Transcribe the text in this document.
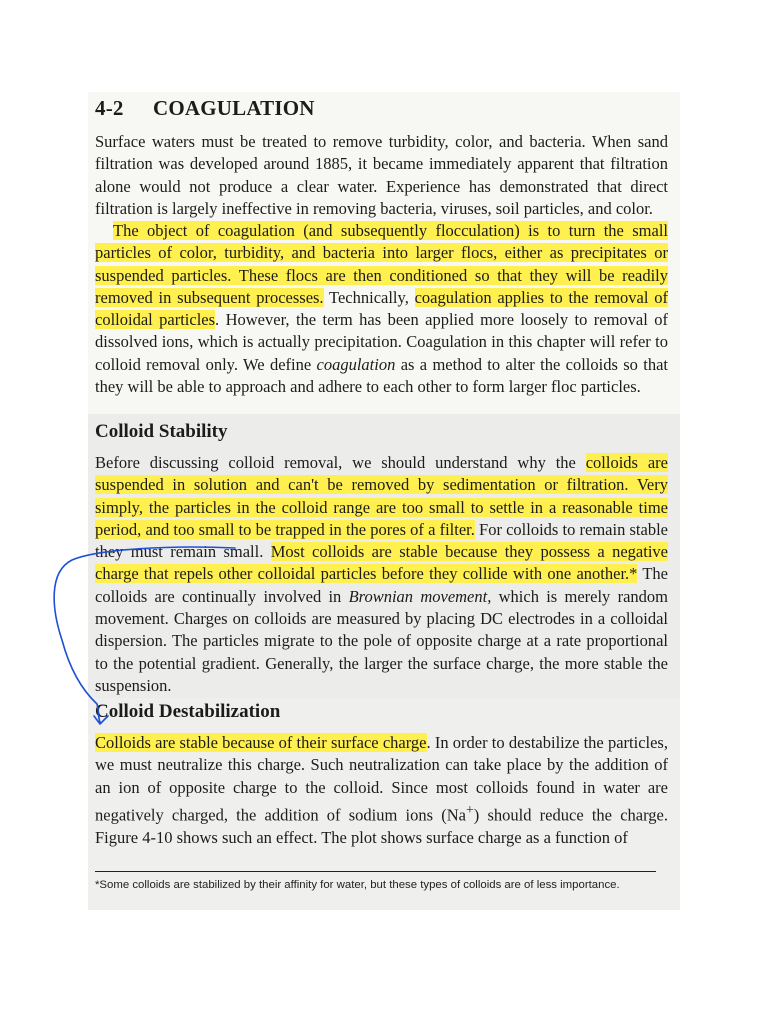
4-2 COAGULATION
Surface waters must be treated to remove turbidity, color, and bacteria. When sand filtration was developed around 1885, it became immediately apparent that filtration alone would not produce a clear water. Experience has demonstrated that direct filtration is largely ineffective in removing bacteria, viruses, soil particles, and color.
The object of coagulation (and subsequently flocculation) is to turn the small particles of color, turbidity, and bacteria into larger flocs, either as precipitates or suspended particles. These flocs are then conditioned so that they will be readily removed in subsequent processes. Technically, coagulation applies to the removal of colloidal particles. However, the term has been applied more loosely to removal of dissolved ions, which is actually precipitation. Coagulation in this chapter will refer to colloid removal only. We define coagulation as a method to alter the colloids so that they will be able to approach and adhere to each other to form larger floc particles.
Colloid Stability
Before discussing colloid removal, we should understand why the colloids are suspended in solution and can't be removed by sedimentation or filtration. Very simply, the particles in the colloid range are too small to settle in a reasonable time period, and too small to be trapped in the pores of a filter. For colloids to remain stable they must remain small. Most colloids are stable because they possess a negative charge that repels other colloidal particles before they collide with one another.* The colloids are continually involved in Brownian movement, which is merely random movement. Charges on colloids are measured by placing DC electrodes in a colloidal dispersion. The particles migrate to the pole of opposite charge at a rate proportional to the potential gradient. Generally, the larger the surface charge, the more stable the suspension.
Colloid Destabilization
Colloids are stable because of their surface charge. In order to destabilize the particles, we must neutralize this charge. Such neutralization can take place by the addition of an ion of opposite charge to the colloid. Since most colloids found in water are negatively charged, the addition of sodium ions (Na+) should reduce the charge. Figure 4-10 shows such an effect. The plot shows surface charge as a function of
*Some colloids are stabilized by their affinity for water, but these types of colloids are of less importance.
